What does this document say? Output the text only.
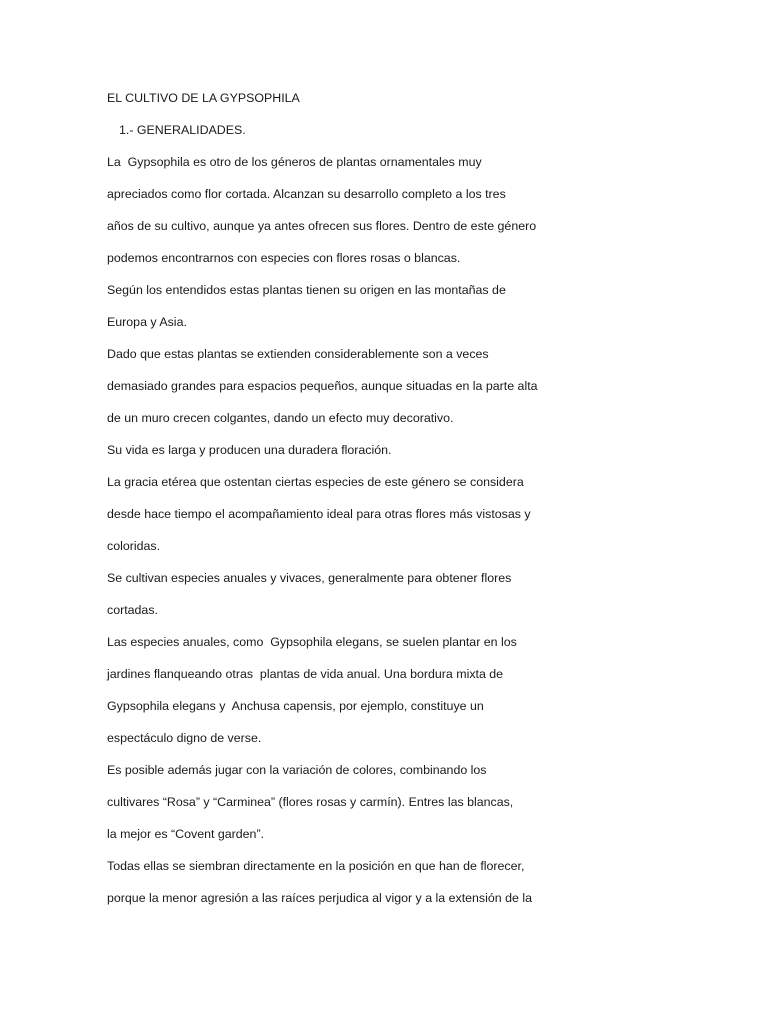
EL CULTIVO DE LA GYPSOPHILA
1.- GENERALIDADES.
La  Gypsophila es otro de los géneros de plantas ornamentales muy
apreciados como flor cortada. Alcanzan su desarrollo completo a los tres
años de su cultivo, aunque ya antes ofrecen sus flores. Dentro de este género
podemos encontrarnos con especies con flores rosas o blancas.
Según los entendidos estas plantas tienen su origen en las montañas de
Europa y Asia.
Dado que estas plantas se extienden considerablemente son a veces
demasiado grandes para espacios pequeños, aunque situadas en la parte alta
de un muro crecen colgantes, dando un efecto muy decorativo.
Su vida es larga y producen una duradera floración.
La gracia etérea que ostentan ciertas especies de este género se considera
desde hace tiempo el acompañamiento ideal para otras flores más vistosas y
coloridas.
Se cultivan especies anuales y vivaces, generalmente para obtener flores
cortadas.
Las especies anuales, como  Gypsophila elegans, se suelen plantar en los
jardines flanqueando otras  plantas de vida anual. Una bordura mixta de
Gypsophila elegans y  Anchusa capensis, por ejemplo, constituye un
espectáculo digno de verse.
Es posible además jugar con la variación de colores, combinando los
cultivares “Rosa” y “Carminea” (flores rosas y carmín). Entres las blancas,
la mejor es “Covent garden”.
Todas ellas se siembran directamente en la posición en que han de florecer,
porque la menor agresión a las raíces perjudica al vigor y a la extensión de la
